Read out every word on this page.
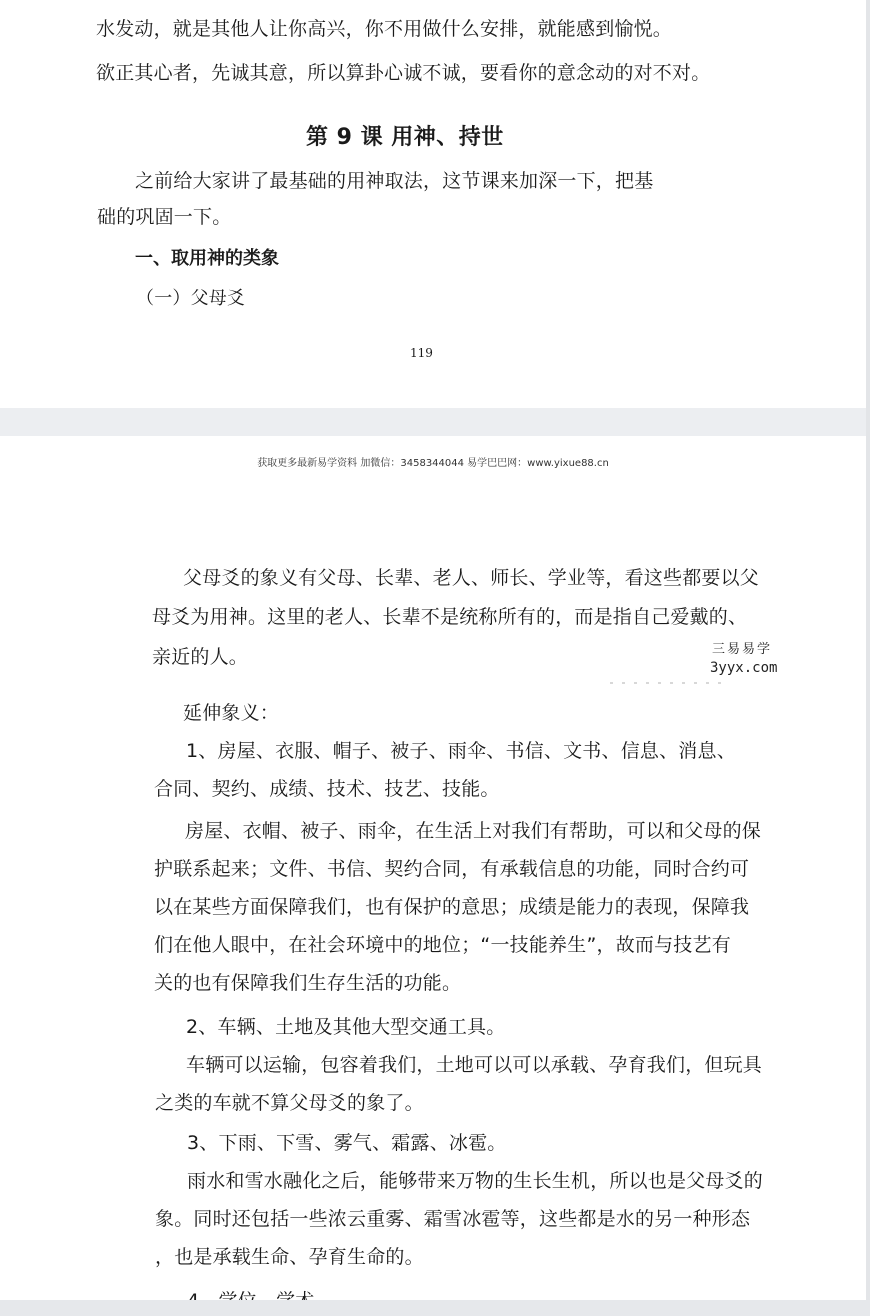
水发动，就是其他人让你高兴，你不用做什么安排，就能感到愉悦。
欲正其心者，先诚其意，所以算卦心诚不诚，要看你的意念动的对不对。
第 9 课 用神、持世
之前给大家讲了最基础的用神取法，这节课来加深一下，把基
础的巩固一下。
一、取用神的类象
（一）父母爻
119
获取更多最新易学资料 加微信：3458344044 易学巴巴网：www.yixue88.cn
三易易学
3yyx.com
父母爻的象义有父母、长辈、老人、师长、学业等，看这些都要以父
母爻为用神。这里的老人、长辈不是统称所有的，而是指自己爱戴的、
亲近的人。
延伸象义：
1、房屋、衣服、帽子、被子、雨伞、书信、文书、信息、消息、
合同、契约、成绩、技术、技艺、技能。
房屋、衣帽、被子、雨伞，在生活上对我们有帮助，可以和父母的保
护联系起来；文件、书信、契约合同，有承载信息的功能，同时合约可
以在某些方面保障我们，也有保护的意思；成绩是能力的表现，保障我
们在他人眼中，在社会环境中的地位；“一技能养生”，故而与技艺有
关的也有保障我们生存生活的功能。
2、车辆、土地及其他大型交通工具。
车辆可以运输，包容着我们，土地可以可以承载、孕育我们，但玩具
之类的车就不算父母爻的象了。
3、下雨、下雪、雾气、霜露、冰雹。
雨水和雪水融化之后，能够带来万物的生长生机，所以也是父母爻的
象。同时还包括一些浓云重雾、霜雪冰雹等，这些都是水的另一种形态
，也是承载生命、孕育生命的。
